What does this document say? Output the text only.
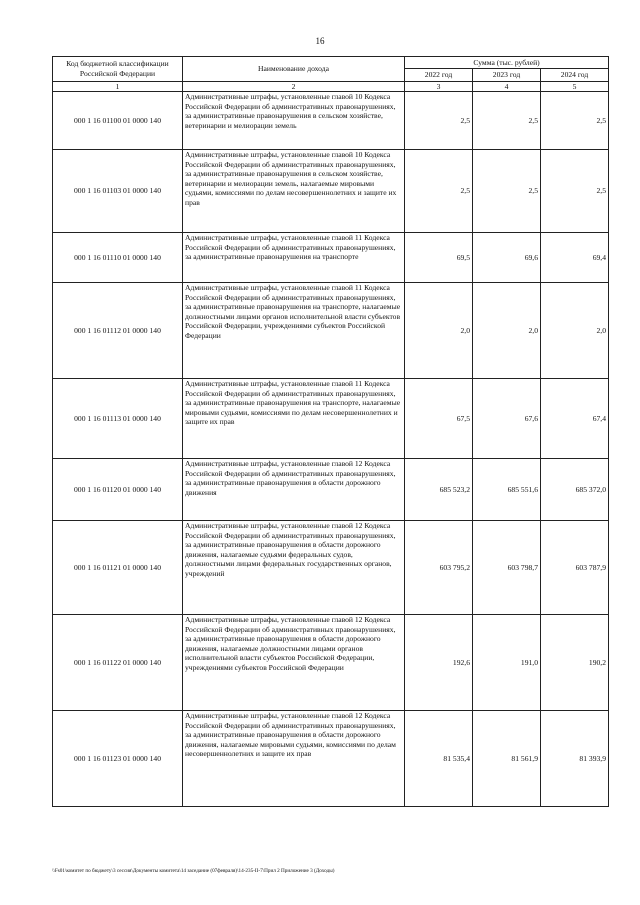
16
Код бюджетной классификации Российской Федерации	Наименование дохода	Сумма (тыс. рублей)		
		2022 год	2023 год	2024 год
1	2	3	4	5
000 1 16 01100 01 0000 140	Административные штрафы, установленные главой 10 Кодекса Российской Федерации об административных правонарушениях, за административные правонарушения в сельском хозяйстве, ветеринарии и мелиорации земель	2,5	2,5	2,5
000 1 16 01103 01 0000 140	Административные штрафы, установленные главой 10 Кодекса Российской Федерации об административных правонарушениях, за административные правонарушения в сельском хозяйстве, ветеринарии и мелиорации земель, налагаемые мировыми судьями, комиссиями по делам несовершеннолетних и защите их прав	2,5	2,5	2,5
000 1 16 01110 01 0000 140	Административные штрафы, установленные главой 11 Кодекса Российской Федерации об административных правонарушениях, за административные правонарушения на транспорте	69,5	69,6	69,4
000 1 16 01112 01 0000 140	Административные штрафы, установленные главой 11 Кодекса Российской Федерации об административных правонарушениях, за административные правонарушения на транспорте, налагаемые должностными лицами органов исполнительной власти субъектов Российской Федерации, учреждениями субъектов Российской Федерации	2,0	2,0	2,0
000 1 16 01113 01 0000 140	Административные штрафы, установленные главой 11 Кодекса Российской Федерации об административных правонарушениях, за административные правонарушения на транспорте, налагаемые мировыми судьями, комиссиями по делам несовершеннолетних и защите их прав	67,5	67,6	67,4
000 1 16 01120 01 0000 140	Административные штрафы, установленные главой 12 Кодекса Российской Федерации об административных правонарушениях, за административные правонарушения в области дорожного движения	685 523,2	685 551,6	685 372,0
000 1 16 01121 01 0000 140	Административные штрафы, установленные главой 12 Кодекса Российской Федерации об административных правонарушениях, за административные правонарушения в области дорожного движения, налагаемые судьями федеральных судов, должностными лицами федеральных государственных органов, учреждений	603 795,2	603 798,7	603 787,9
000 1 16 01122 01 0000 140	Административные штрафы, установленные главой 12 Кодекса Российской Федерации об административных правонарушениях, за административные правонарушения в области дорожного движения, налагаемые должностными лицами органов исполнительной власти субъектов Российской Федерации, учреждениями субъектов Российской Федерации	192,6	191,0	190,2
000 1 16 01123 01 0000 140	Административные штрафы, установленные главой 12 Кодекса Российской Федерации об административных правонарушениях, за административные правонарушения в области дорожного движения, налагаемые мировыми судьями, комиссиями по делам несовершеннолетних и защите их прав	81 535,4	81 561,9	81 393,9
\\Fs01\комитет по бюджету\3 сессия\Документы комитета\14 заседание (07февраля)\14-235-II-7\Прил 2 Приложение 3 (Доходы)
